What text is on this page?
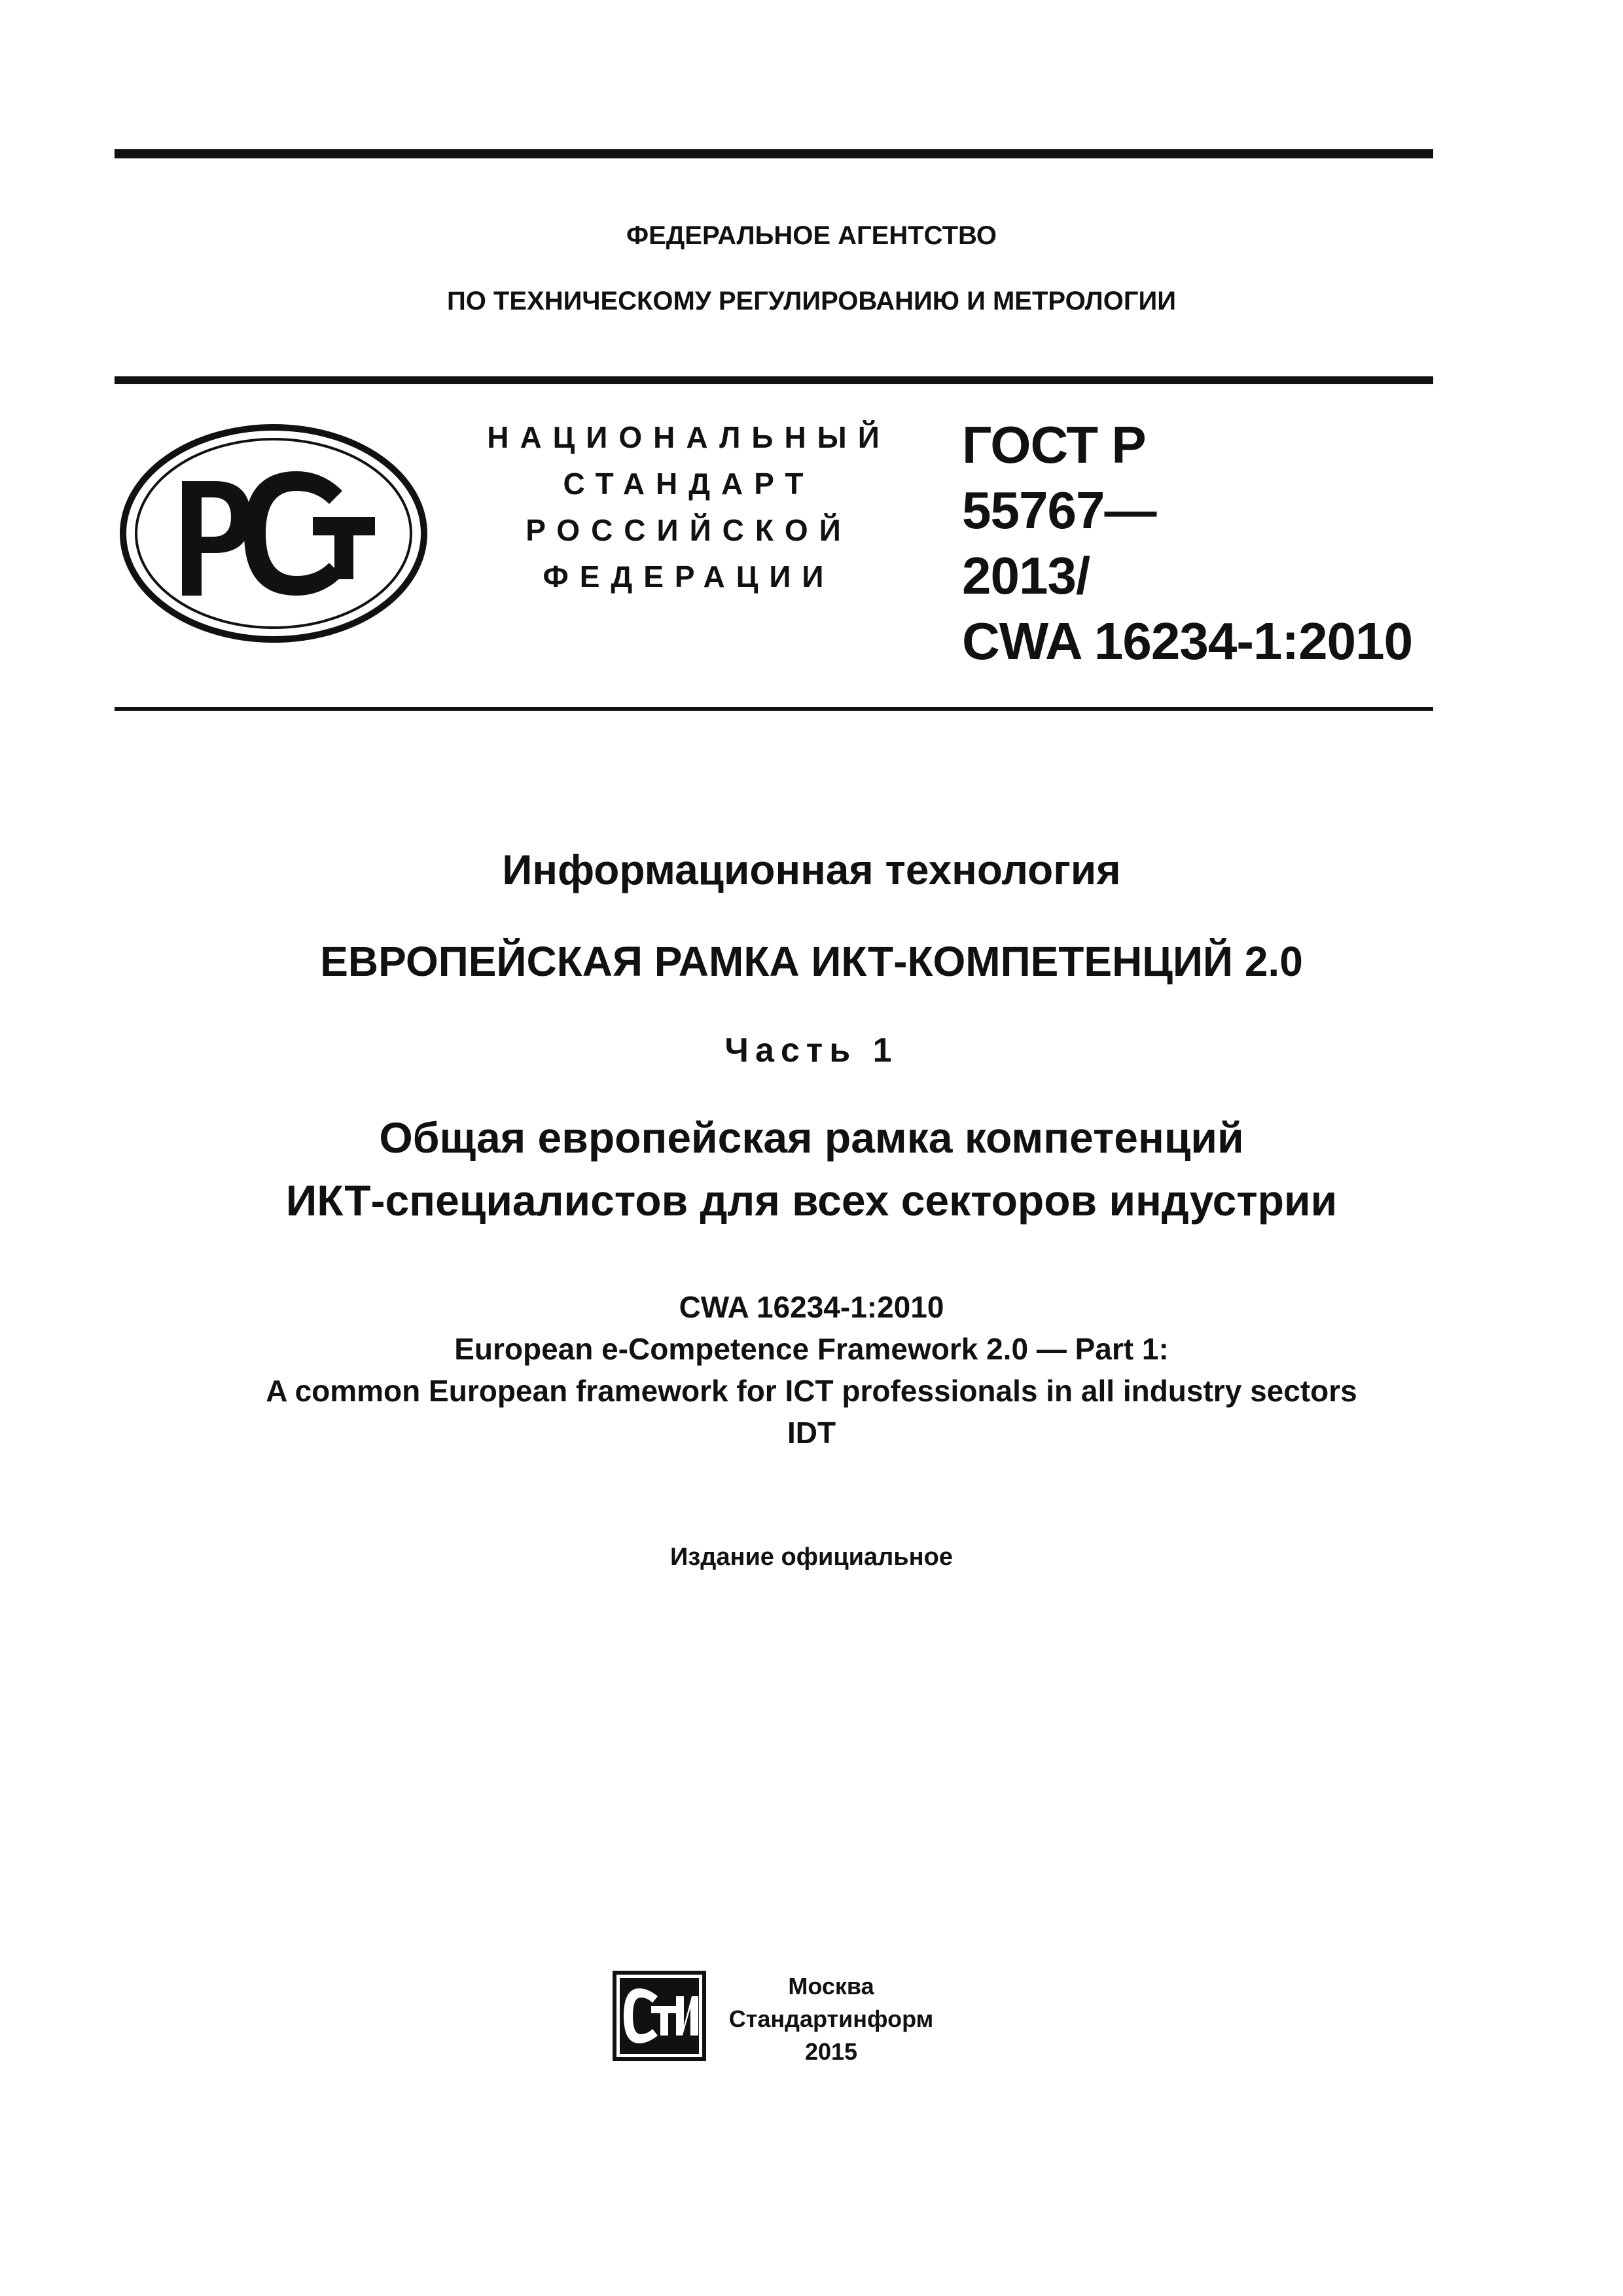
ФЕДЕРАЛЬНОЕ АГЕНТСТВО
ПО ТЕХНИЧЕСКОМУ РЕГУЛИРОВАНИЮ И МЕТРОЛОГИИ
НАЦИОНАЛЬНЫЙ
СТАНДАРТ
РОССИЙСКОЙ
ФЕДЕРАЦИИ
ГОСТ Р
55767—
2013/
CWA 16234-1:2010
Информационная технология
ЕВРОПЕЙСКАЯ РАМКА ИКТ-КОМПЕТЕНЦИЙ 2.0
Часть 1
Общая европейская рамка компетенций
ИКТ-специалистов для всех секторов индустрии
CWA 16234-1:2010
European e-Competence Framework 2.0 — Part 1:
A common European framework for ICT professionals in all industry sectors
IDT
Издание официальное
Москва
Стандартинформ
2015
